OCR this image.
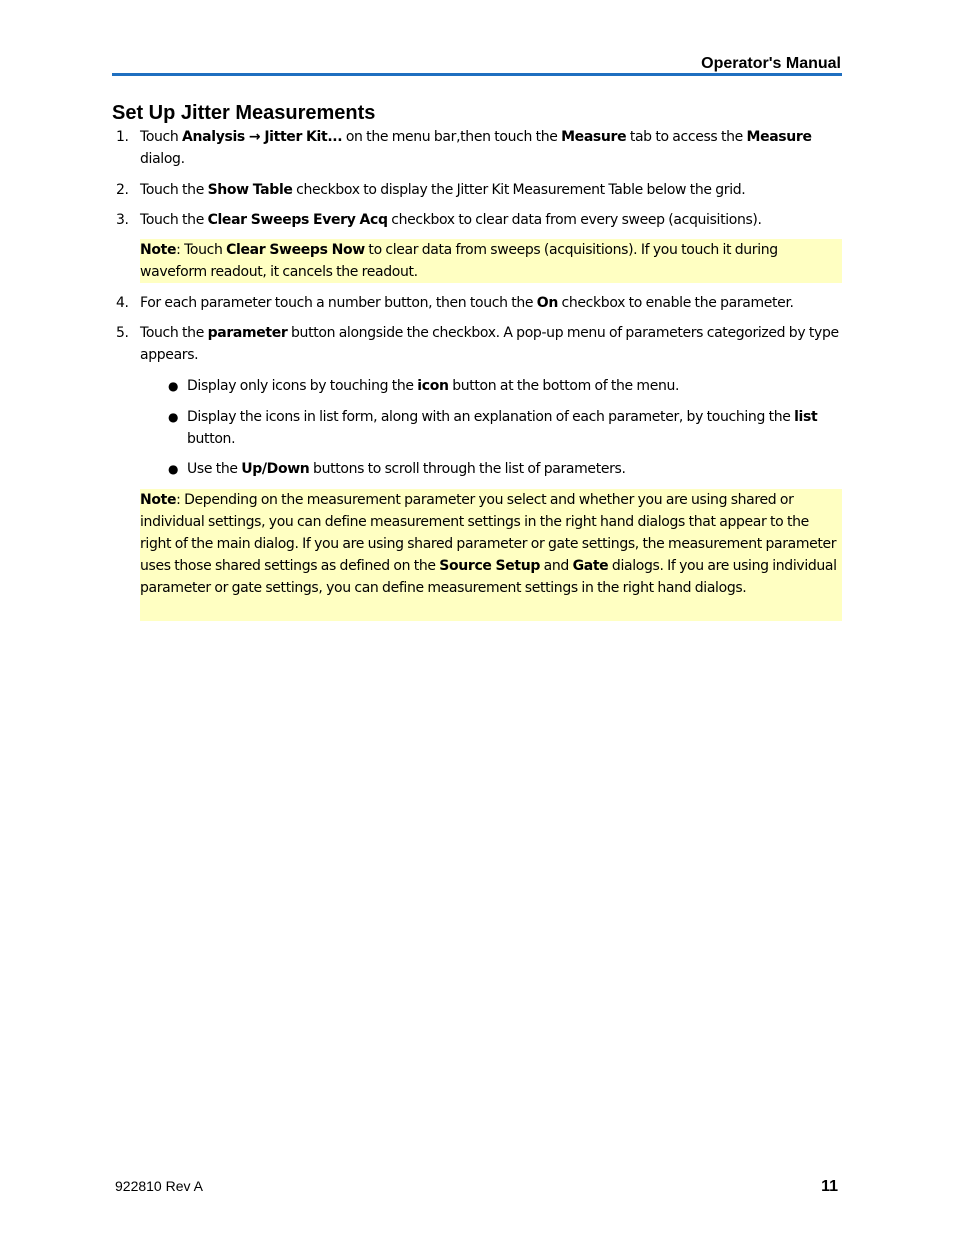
Operator's Manual
Set Up Jitter Measurements
1. Touch Analysis → Jitter Kit... on the menu bar,then touch the Measure tab to access the Measure dialog.
2. Touch the Show Table checkbox to display the Jitter Kit Measurement Table below the grid.
3. Touch the Clear Sweeps Every Acq checkbox to clear data from every sweep (acquisitions).
Note: Touch Clear Sweeps Now to clear data from sweeps (acquisitions). If you touch it during waveform readout, it cancels the readout.
4. For each parameter touch a number button, then touch the On checkbox to enable the parameter.
5. Touch the parameter button alongside the checkbox. A pop-up menu of parameters categorized by type appears.
● Display only icons by touching the icon button at the bottom of the menu.
● Display the icons in list form, along with an explanation of each parameter, by touching the list button.
● Use the Up/Down buttons to scroll through the list of parameters.
Note: Depending on the measurement parameter you select and whether you are using shared or individual settings, you can define measurement settings in the right hand dialogs that appear to the right of the main dialog. If you are using shared parameter or gate settings, the measurement parameter uses those shared settings as defined on the Source Setup and Gate dialogs. If you are using individual parameter or gate settings, you can define measurement settings in the right hand dialogs.
922810 Rev A	11
